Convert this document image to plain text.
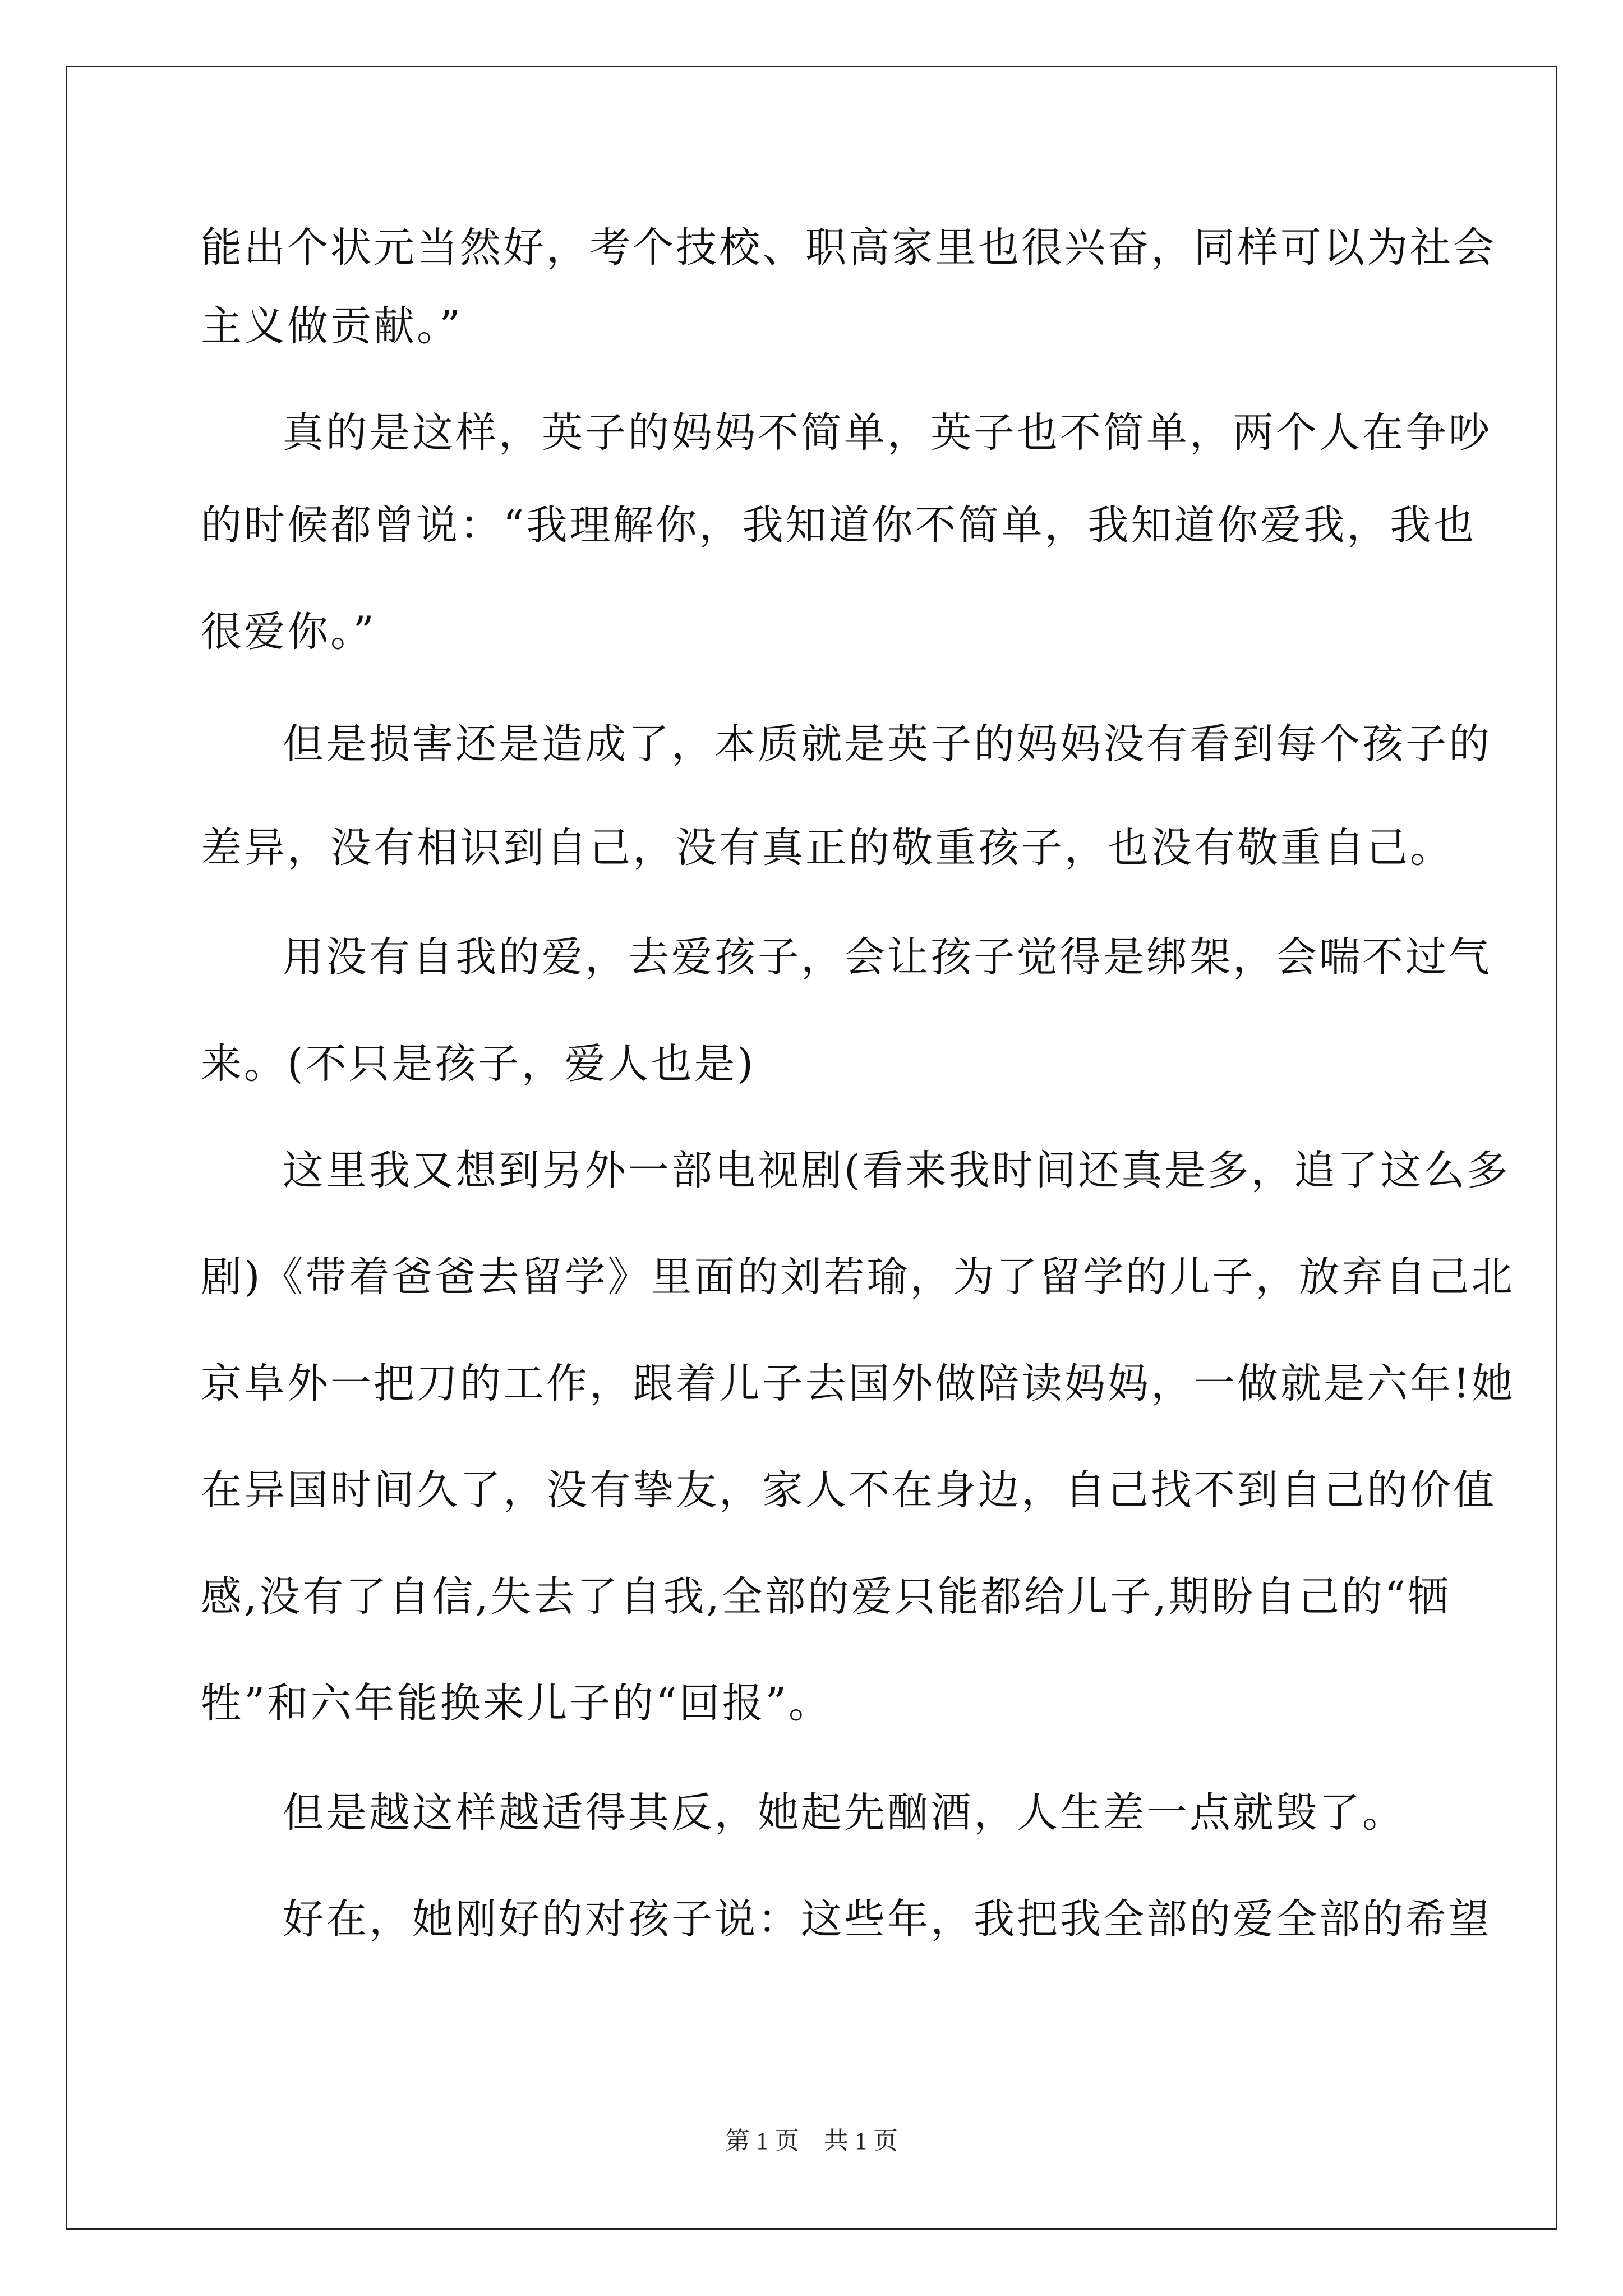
能出个状元当然好，考个技校、职高家里也很兴奋，同样可以为社会
主义做贡献。”
真的是这样，英子的妈妈不简单，英子也不简单，两个人在争吵
的时候都曾说：“我理解你，我知道你不简单，我知道你爱我，我也
很爱你。”
但是损害还是造成了，本质就是英子的妈妈没有看到每个孩子的
差异，没有相识到自己，没有真正的敬重孩子，也没有敬重自己。
用没有自我的爱，去爱孩子，会让孩子觉得是绑架，会喘不过气
来。(不只是孩子，爱人也是)
这里我又想到另外一部电视剧(看来我时间还真是多，追了这么多
剧)《带着爸爸去留学》里面的刘若瑜，为了留学的儿子，放弃自己北
京阜外一把刀的工作，跟着儿子去国外做陪读妈妈，一做就是六年!她
在异国时间久了，没有挚友，家人不在身边，自己找不到自己的价值
感,没有了自信,失去了自我,全部的爱只能都给儿子,期盼自己的“牺
牲”和六年能换来儿子的“回报”。
但是越这样越适得其反，她起先酗酒，人生差一点就毁了。
好在，她刚好的对孩子说：这些年，我把我全部的爱全部的希望
第 1 页　共 1 页
